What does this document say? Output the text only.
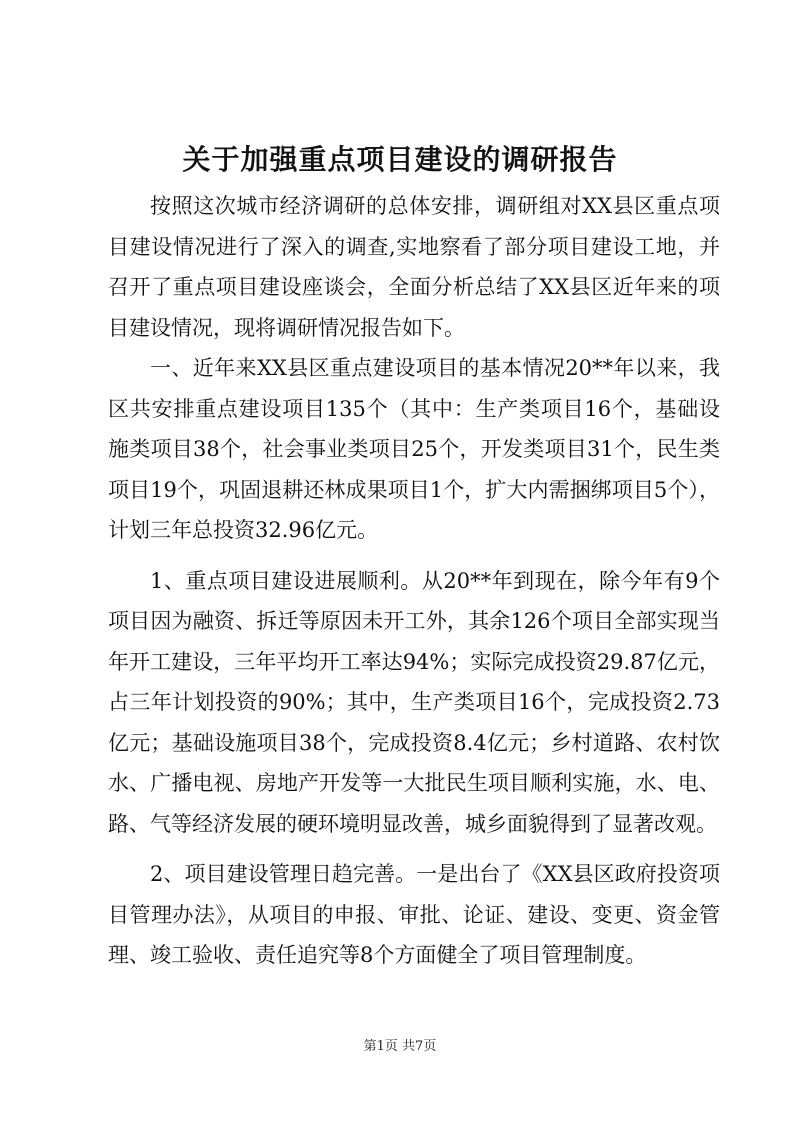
关于加强重点项目建设的调研报告

按照这次城市经济调研的总体安排，调研组对XX县区重点项目建设情况进行了深入的调查,实地察看了部分项目建设工地，并召开了重点项目建设座谈会，全面分析总结了XX县区近年来的项目建设情况，现将调研情况报告如下。

一、近年来XX县区重点建设项目的基本情况20**年以来，我区共安排重点建设项目135个（其中：生产类项目16个，基础设施类项目38个，社会事业类项目25个，开发类项目31个，民生类项目19个，巩固退耕还林成果项目1个，扩大内需捆绑项目5个），计划三年总投资32.96亿元。

1、重点项目建设进展顺利。从20**年到现在，除今年有9个项目因为融资、拆迁等原因未开工外，其余126个项目全部实现当年开工建设，三年平均开工率达94%；实际完成投资29.87亿元，占三年计划投资的90%；其中，生产类项目16个，完成投资2.73亿元；基础设施项目38个，完成投资8.4亿元；乡村道路、农村饮水、广播电视、房地产开发等一大批民生项目顺利实施，水、电、路、气等经济发展的硬环境明显改善，城乡面貌得到了显著改观。

2、项目建设管理日趋完善。一是出台了《XX县区政府投资项目管理办法》，从项目的申报、审批、论证、建设、变更、资金管理、竣工验收、责任追究等8个方面健全了项目管理制度。

第1页 共7页
